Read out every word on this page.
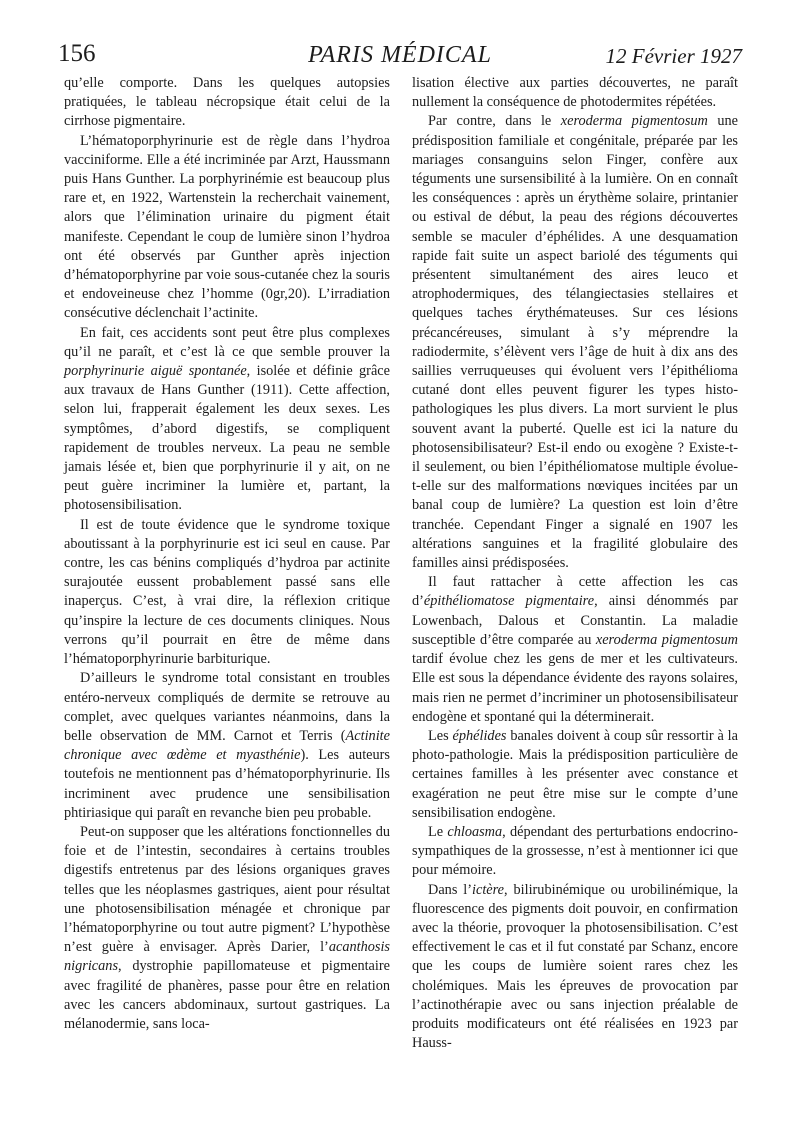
156	PARIS MÉDICAL	12 Février 1927

qu’elle comporte. Dans les quelques autopsies pratiquées, le tableau nécropsique était celui de la cirrhose pigmentaire.

L’hématoporphyrinurie est de règle dans l’hydroa vacciniforme. Elle a été incriminée par Arzt, Haussmann puis Hans Gunther. La porphyrinémie est beaucoup plus rare et, en 1922, Wartenstein la recherchait vainement, alors que l’élimination urinaire du pigment était manifeste. Cependant le coup de lumière sinon l’hydroa ont été observés par Gunther après injection d’hématoporphyrine par voie sous-cutanée chez la souris et endoveineuse chez l’homme (0gr,20). L’irradiation consécutive déclenchait l’actinite.

En fait, ces accidents sont peut être plus complexes qu’il ne paraît, et c’est là ce que semble prouver la porphyrinurie aiguë spontanée, isolée et définie grâce aux travaux de Hans Gunther (1911). Cette affection, selon lui, frapperait également les deux sexes. Les symptômes, d’abord digestifs, se compliquent rapidement de troubles nerveux. La peau ne semble jamais lésée et, bien que porphyrinurie il y ait, on ne peut guère incriminer la lumière et, partant, la photosensibilisation.

Il est de toute évidence que le syndrome toxique aboutissant à la porphyrinurie est ici seul en cause. Par contre, les cas bénins compliqués d’hydroa par actinite surajoutée eussent probablement passé sans elle inaperçus. C’est, à vrai dire, la réflexion critique qu’inspire la lecture de ces documents cliniques. Nous verrons qu’il pourrait en être de même dans l’hématoporphyrinurie barbiturique.

D’ailleurs le syndrome total consistant en troubles entéro-nerveux compliqués de dermite se retrouve au complet, avec quelques variantes néanmoins, dans la belle observation de MM. Carnot et Terris (Actinite chronique avec œdème et myasthénie). Les auteurs toutefois ne mentionnent pas d’hématoporphyrinurie. Ils incriminent avec prudence une sensibilisation phtiriasique qui paraît en revanche bien peu probable.

Peut-on supposer que les altérations fonctionnelles du foie et de l’intestin, secondaires à certains troubles digestifs entretenus par des lésions organiques graves telles que les néoplasmes gastriques, aient pour résultat une photosensibilisation ménagée et chronique par l’hématoporphyrine ou tout autre pigment? L’hypothèse n’est guère à envisager. Après Darier, l’acanthosis nigricans, dystrophie papillomateuse et pigmentaire avec fragilité de phanères, passe pour être en relation avec les cancers abdominaux, surtout gastriques. La mélanodermie, sans loca-

lisation élective aux parties découvertes, ne paraît nullement la conséquence de photodermites répétées.

Par contre, dans le xeroderma pigmentosum une prédisposition familiale et congénitale, préparée par les mariages consanguins selon Finger, confère aux téguments une sursensibilité à la lumière. On en connaît les conséquences : après un érythème solaire, printanier ou estival de début, la peau des régions découvertes semble se maculer d’éphélides. A une desquamation rapide fait suite un aspect bariolé des téguments qui présentent simultanément des aires leuco et atrophodermiques, des télangiectasies stellaires et quelques taches érythémateuses. Sur ces lésions précancéreuses, simulant à s’y méprendre la radiodermite, s’élèvent vers l’âge de huit à dix ans des saillies verruqueuses qui évoluent vers l’épithélioma cutané dont elles peuvent figurer les types histo-pathologiques les plus divers. La mort survient le plus souvent avant la puberté. Quelle est ici la nature du photosensibilisateur? Est-il endo ou exogène ? Existe-t-il seulement, ou bien l’épithéliomatose multiple évolue-t-elle sur des malformations nœviques incitées par un banal coup de lumière? La question est loin d’être tranchée. Cependant Finger a signalé en 1907 les altérations sanguines et la fragilité globulaire des familles ainsi prédisposées.

Il faut rattacher à cette affection les cas d’épithéliomatose pigmentaire, ainsi dénommés par Lowenbach, Dalous et Constantin. La maladie susceptible d’être comparée au xeroderma pigmentosum tardif évolue chez les gens de mer et les cultivateurs. Elle est sous la dépendance évidente des rayons solaires, mais rien ne permet d’incriminer un photosensibilisateur endogène et spontané qui la déterminerait.

Les éphélides banales doivent à coup sûr ressortir à la photo-pathologie. Mais la prédisposition particulière de certaines familles à les présenter avec constance et exagération ne peut être mise sur le compte d’une sensibilisation endogène.

Le chloasma, dépendant des perturbations endocrino-sympathiques de la grossesse, n’est à mentionner ici que pour mémoire.

Dans l’ictère, bilirubinémique ou urobilinémique, la fluorescence des pigments doit pouvoir, en confirmation avec la théorie, provoquer la photosensibilisation. C’est effectivement le cas et il fut constaté par Schanz, encore que les coups de lumière soient rares chez les cholémiques. Mais les épreuves de provocation par l’actinothérapie avec ou sans injection préalable de produits modificateurs ont été réalisées en 1923 par Hauss-
